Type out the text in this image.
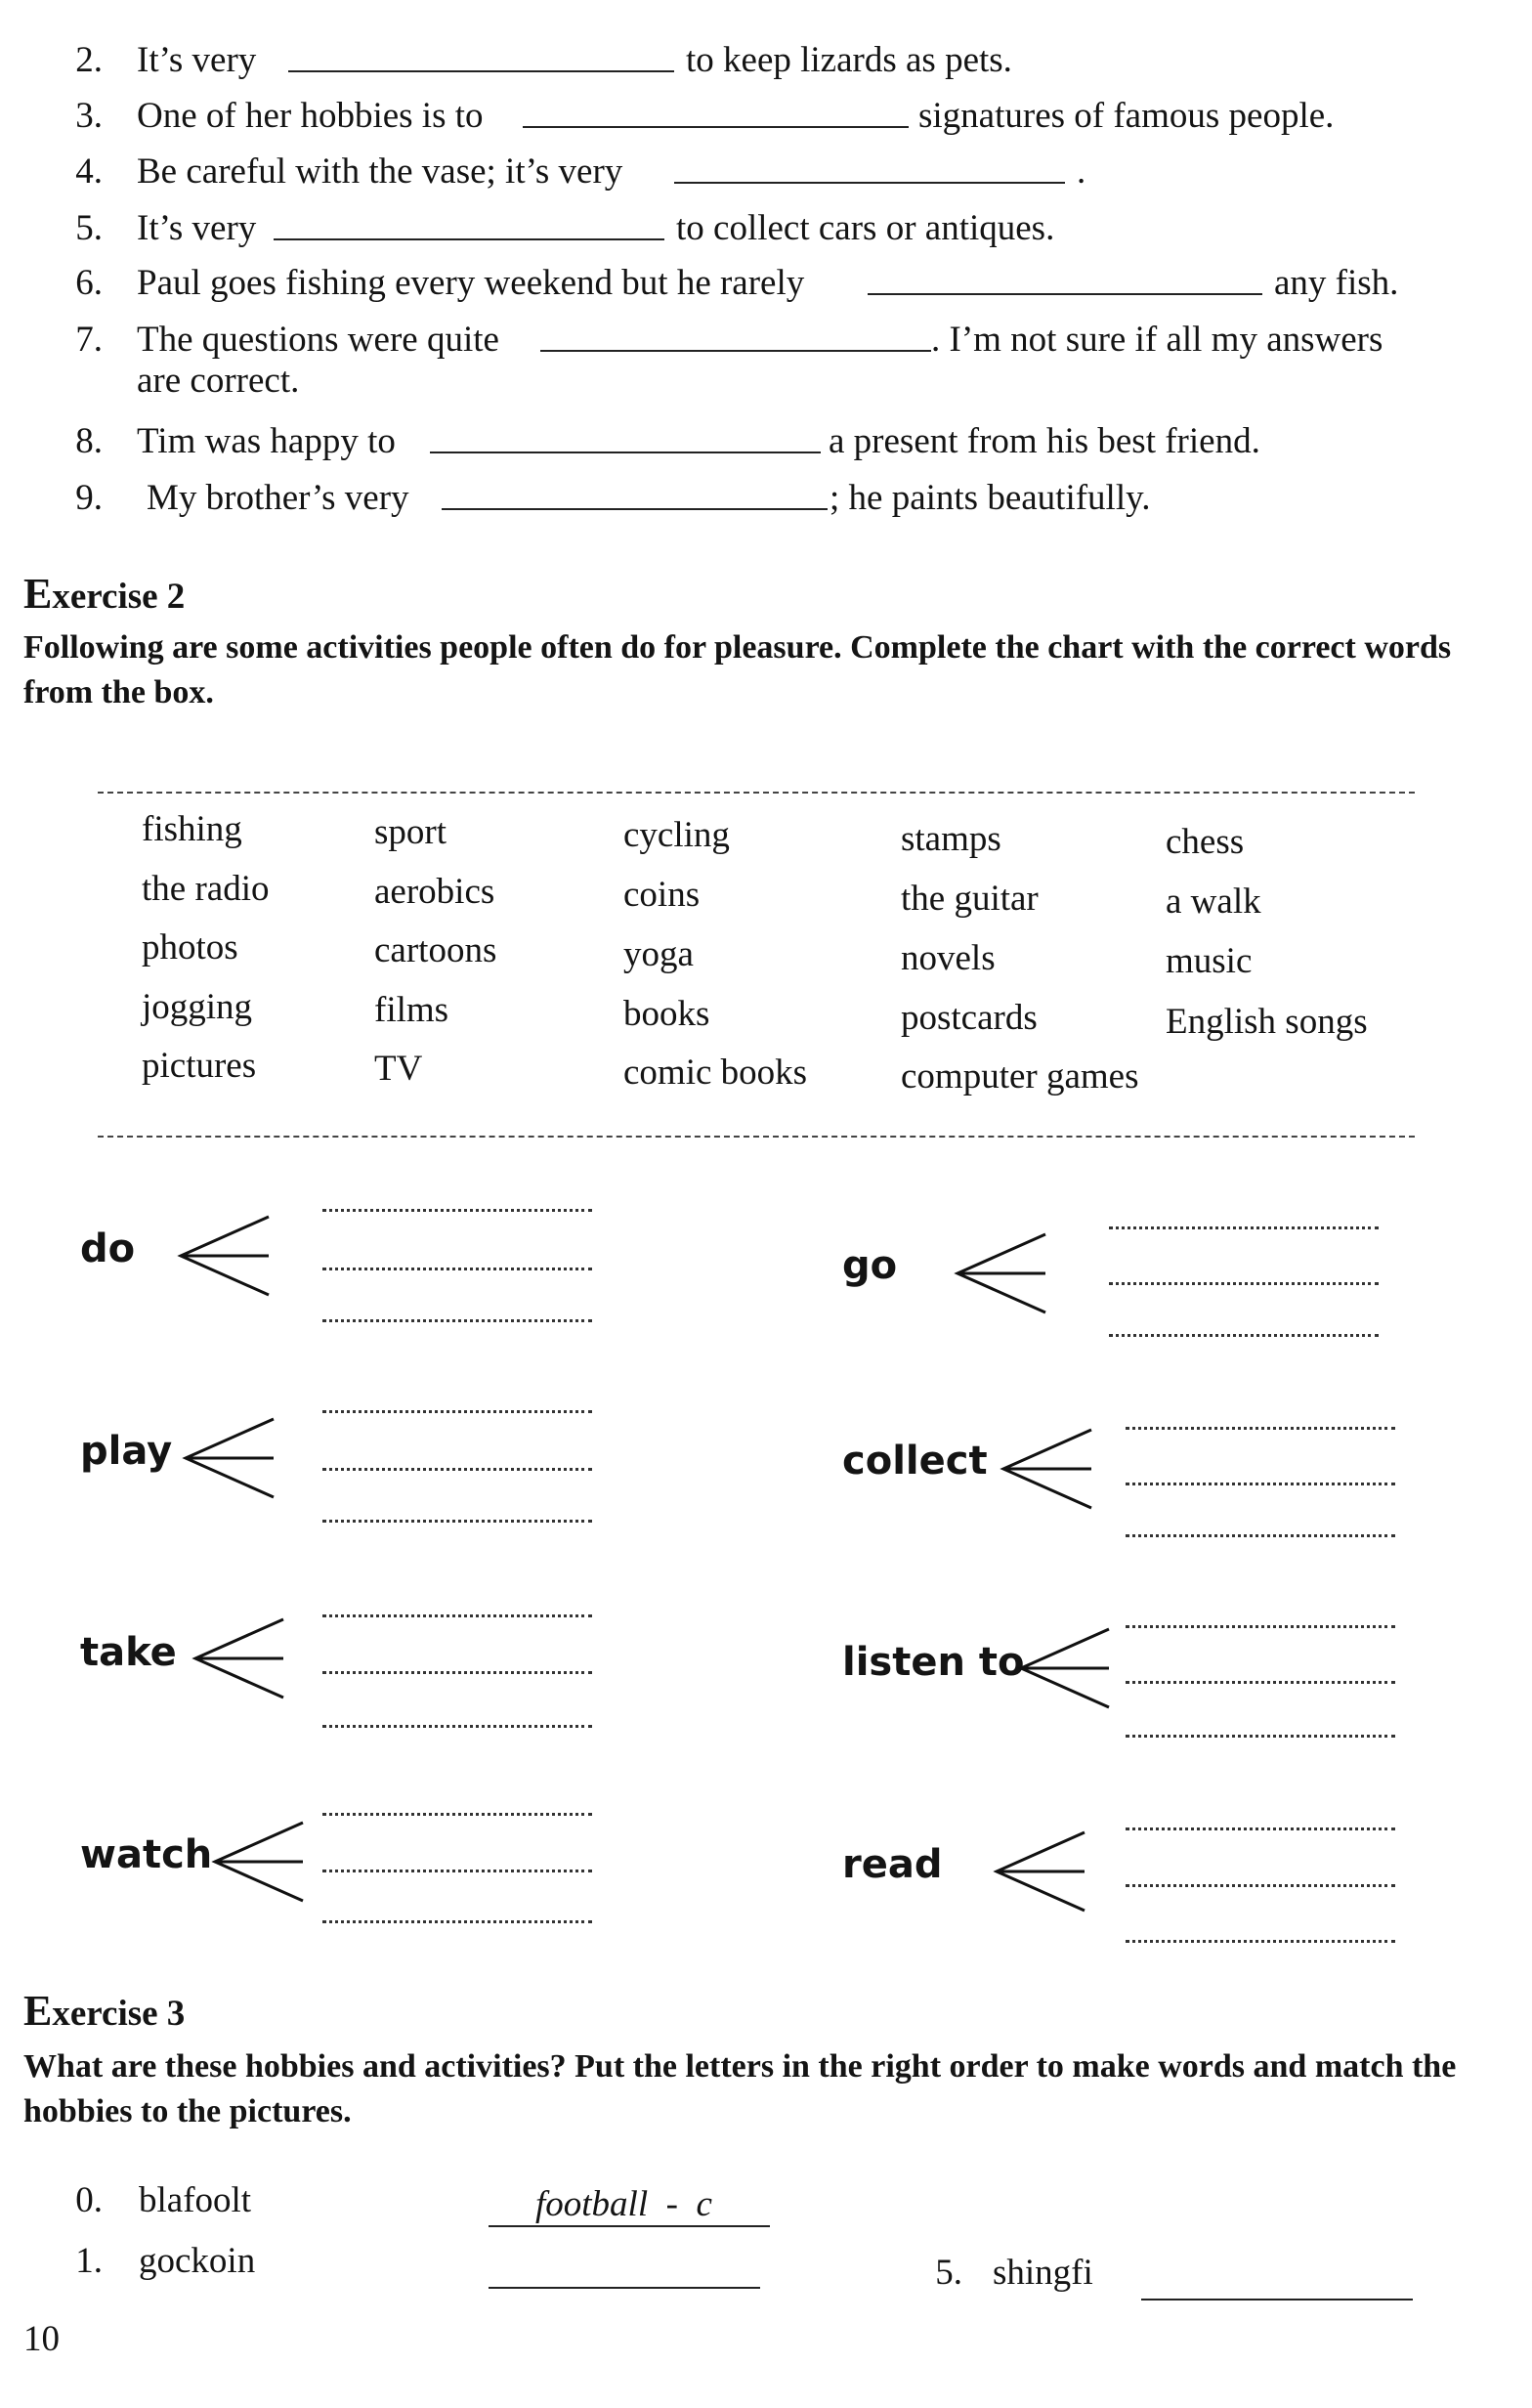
2. It’s very	to keep lizards as pets.
3. One of her hobbies is to	signatures of famous people.
4. Be careful with the vase; it’s very	.
5. It’s very	to collect cars or antiques.
6. Paul goes fishing every weekend but he rarely	any fish.
7. The questions were quite	. I’m not sure if all my answers
are correct.
8. Tim was happy to	a present from his best friend.
9. My brother’s very	; he paints beautifully.
Exercise 2
Following are some activities people often do for pleasure. Complete the chart with the correct words from the box.
fishing	sport	cycling	stamps	chess
the radio	aerobics	coins	the guitar	a walk
photos	cartoons	yoga	novels	music
jogging	films	books	postcards	English songs
pictures	TV	comic books	computer games
do
play
take
watch
go
collect
listen to
read
Exercise 3
What are these hobbies and activities? Put the letters in the right order to make words and match the hobbies to the pictures.
0. blafoolt	football  -  c
1. gockoin	5. shingfi
10
